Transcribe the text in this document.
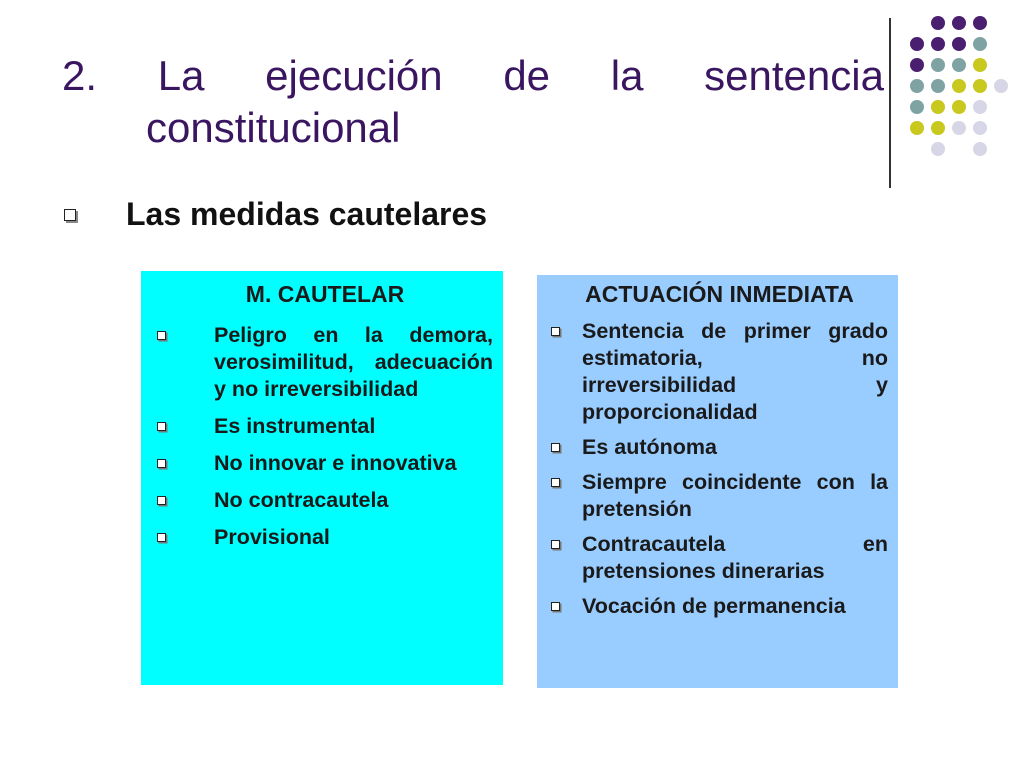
2. La ejecución de la sentencia
constitucional
Las medidas cautelares
M. CAUTELAR
Peligro en la demora, verosimilitud, adecuación y no irreversibilidad
Es instrumental
No innovar e innovativa
No contracautela
Provisional
ACTUACIÓN INMEDIATA
Sentencia de primer grado estimatoria, no irreversibilidad y proporcionalidad
Es autónoma
Siempre coincidente con la pretensión
Contracautela en pretensiones dinerarias
Vocación de permanencia
